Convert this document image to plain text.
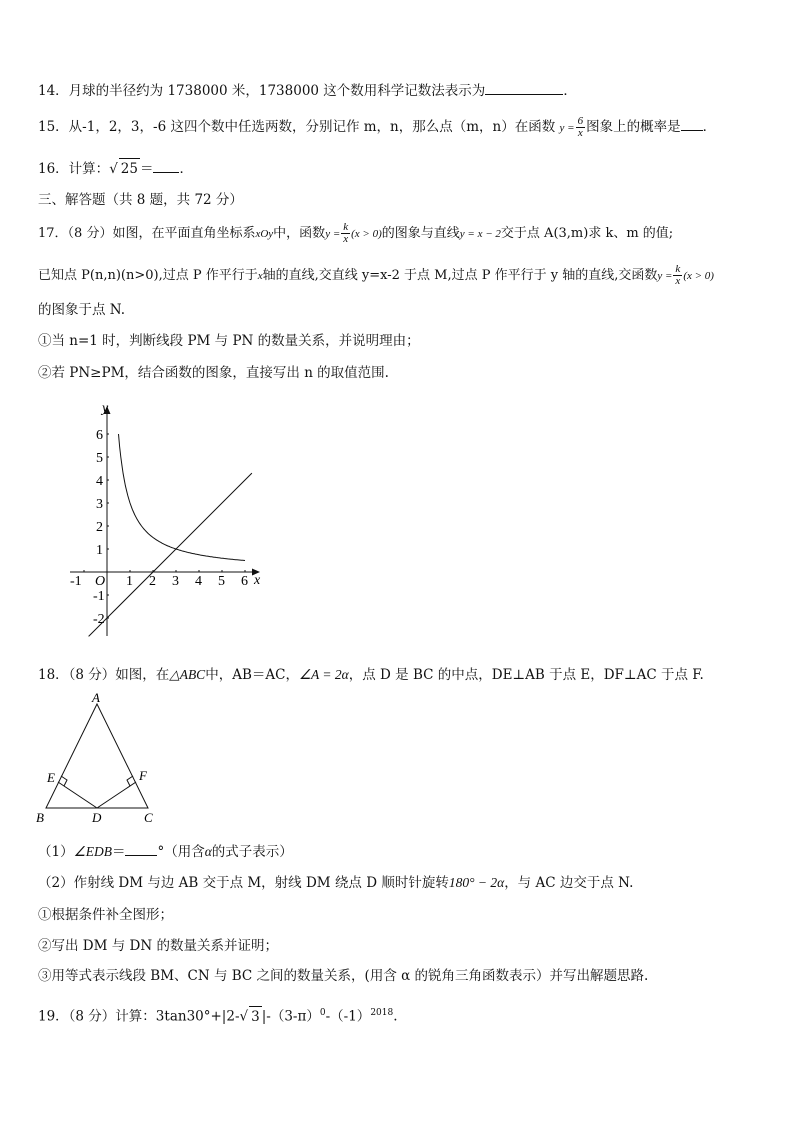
14．月球的半径约为 1738000 米，1738000 这个数用科学记数法表示为	．
15．从-1，2，3，-6 这四个数中任选两数，分别记作 m，n，那么点（m，n）在函数 $y = \frac{6}{x}$ 图象上的概率是 ．
16．计算：√ 25 ＝ ．
三、解答题（共 8 题，共 72 分）
17．（8 分）如图，在平面直角坐标系xOy中，函数$y = \frac{k}{x} (x > 0)$的图象与直线y = x − 2交于点 A(3,m)求 k、m 的值;
已知点 P(n,n)(n>0),过点 P 作平行于x轴的直线,交直线 y=x-2 于点 M,过点 P 作平行于 y 轴的直线,交函数$y = \frac{k}{x} (x > 0)$
的图象于点 N.
①当 n=1 时，判断线段 PM 与 PN 的数量关系，并说明理由；
②若 PN≥PM，结合函数的图象，直接写出 n 的取值范围.
y
x
O
-1	1 2 3 4 5 6
6
5
4
3
2
1
-1
-2
18．（8 分）如图，在△ABC中，AB＝AC，∠A = 2α，点 D 是 BC 的中点，DE⊥AB 于点 E，DF⊥AC 于点 F.
A
B	C
D
E	F
（1）∠EDB＝ °（用含α的式子表示）
（2）作射线 DM 与边 AB 交于点 M，射线 DM 绕点 D 顺时针旋转180° − 2α，与 AC 边交于点 N.
①根据条件补全图形；
②写出 DM 与 DN 的数量关系并证明；
③用等式表示线段 BM、CN 与 BC 之间的数量关系，(用含 α 的锐角三角函数表示）并写出解题思路.
19．（8 分）计算：3tan30°+|2-√ 3 $|-(3-\pi)^0-(-1)^{2018}$.
